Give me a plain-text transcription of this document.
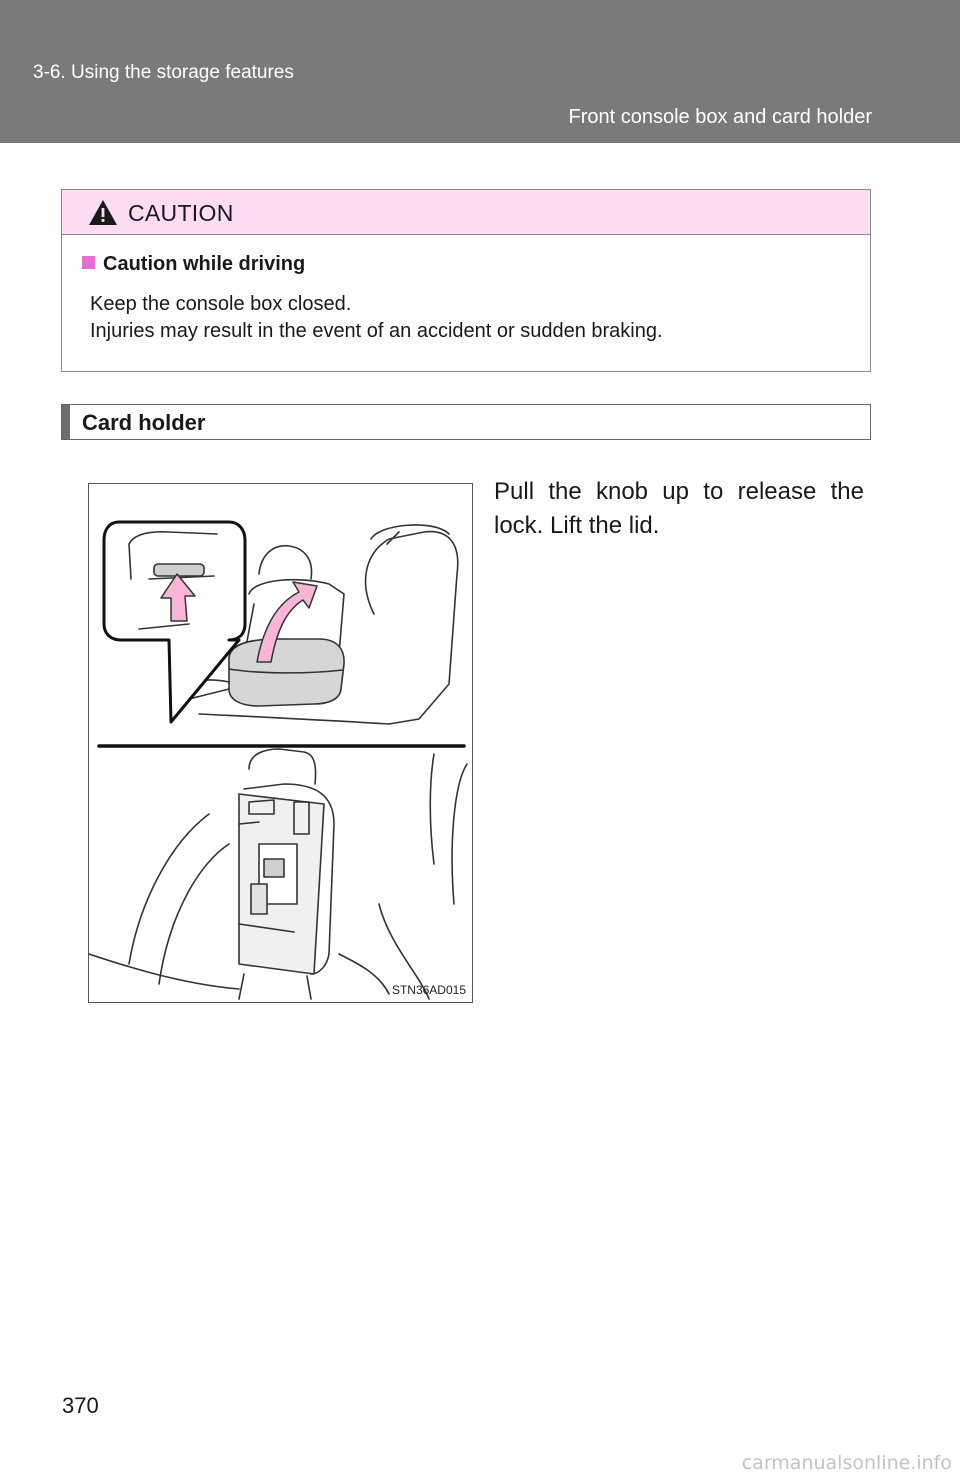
3-6. Using the storage features
Front console box and card holder
CAUTION
Caution while driving
Keep the console box closed.
Injuries may result in the event of an accident or sudden braking.
Card holder
STN36AD015
Pull the knob up to release the lock. Lift the lid.
370
carmanualsonline.info
